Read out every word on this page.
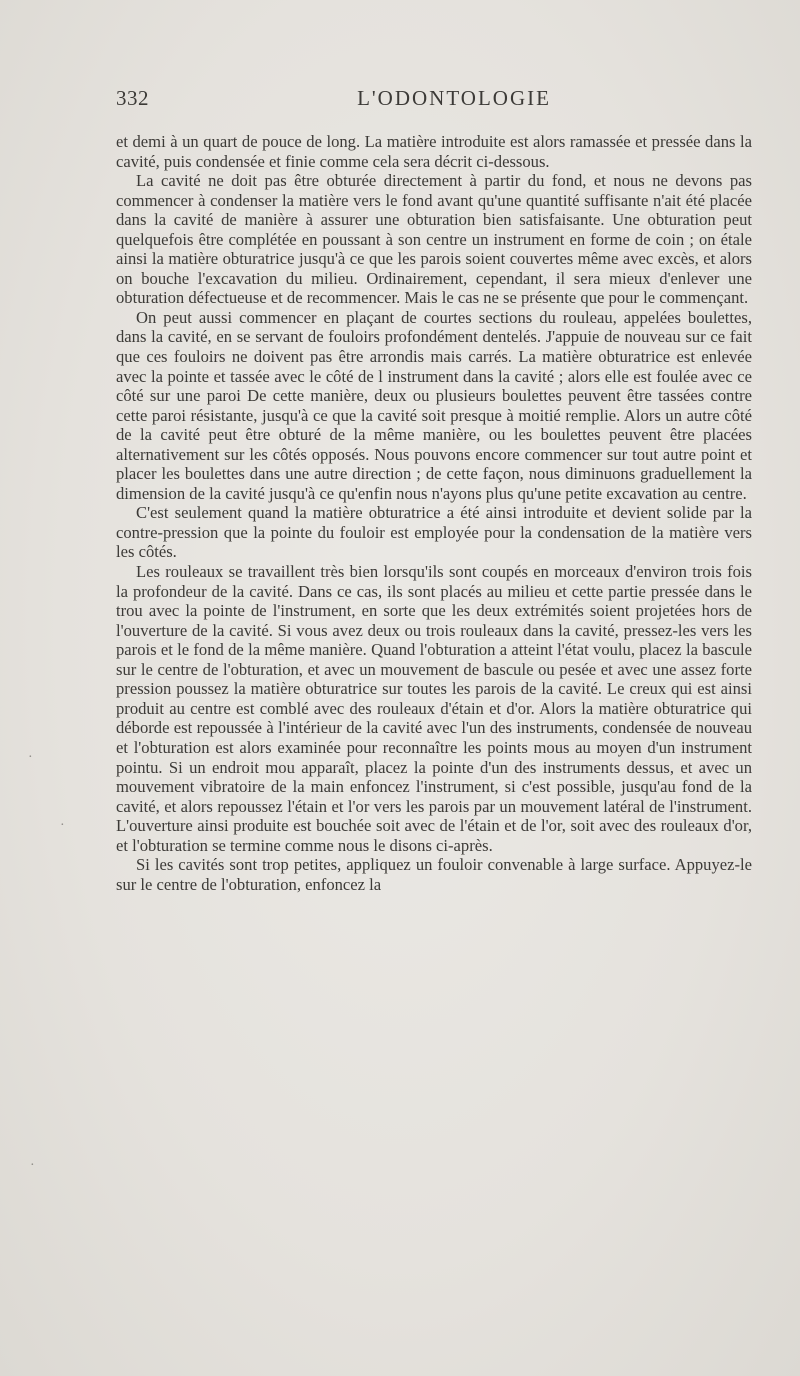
332	L'ODONTOLOGIE

et demi à un quart de pouce de long. La matière introduite est alors ramassée et pressée dans la cavité, puis condensée et finie comme cela sera décrit ci-dessous.

La cavité ne doit pas être obturée directement à partir du fond, et nous ne devons pas commencer à condenser la matière vers le fond avant qu'une quantité suffisante n'ait été placée dans la cavité de manière à assurer une obturation bien satisfaisante. Une obturation peut quelquefois être complétée en poussant à son centre un instrument en forme de coin ; on étale ainsi la matière obturatrice jusqu'à ce que les parois soient couvertes même avec excès, et alors on bouche l'excavation du milieu. Ordinairement, cependant, il sera mieux d'enlever une obturation défectueuse et de recommencer. Mais le cas ne se présente que pour le commençant.

On peut aussi commencer en plaçant de courtes sections du rouleau, appelées boulettes, dans la cavité, en se servant de fouloirs profondément dentelés. J'appuie de nouveau sur ce fait que ces fouloirs ne doivent pas être arrondis mais carrés. La matière obturatrice est enlevée avec la pointe et tassée avec le côté de l instrument dans la cavité ; alors elle est foulée avec ce côté sur une paroi De cette manière, deux ou plusieurs boulettes peuvent être tassées contre cette paroi résistante, jusqu'à ce que la cavité soit presque à moitié remplie. Alors un autre côté de la cavité peut être obturé de la même manière, ou les boulettes peuvent être placées alternativement sur les côtés opposés. Nous pouvons encore commencer sur tout autre point et placer les boulettes dans une autre direction ; de cette façon, nous diminuons graduellement la dimension de la cavité jusqu'à ce qu'enfin nous n'ayons plus qu'une petite excavation au centre.

C'est seulement quand la matière obturatrice a été ainsi introduite et devient solide par la contre-pression que la pointe du fouloir est employée pour la condensation de la matière vers les côtés.

Les rouleaux se travaillent très bien lorsqu'ils sont coupés en morceaux d'environ trois fois la profondeur de la cavité. Dans ce cas, ils sont placés au milieu et cette partie pressée dans le trou avec la pointe de l'instrument, en sorte que les deux extrémités soient projetées hors de l'ouverture de la cavité. Si vous avez deux ou trois rouleaux dans la cavité, pressez-les vers les parois et le fond de la même manière. Quand l'obturation a atteint l'état voulu, placez la bascule sur le centre de l'obturation, et avec un mouvement de bascule ou pesée et avec une assez forte pression poussez la matière obturatrice sur toutes les parois de la cavité. Le creux qui est ainsi produit au centre est comblé avec des rouleaux d'étain et d'or. Alors la matière obturatrice qui déborde est repoussée à l'intérieur de la cavité avec l'un des instruments, condensée de nouveau et l'obturation est alors examinée pour reconnaître les points mous au moyen d'un instrument pointu. Si un endroit mou apparaît, placez la pointe d'un des instruments dessus, et avec un mouvement vibratoire de la main enfoncez l'instrument, si c'est possible, jusqu'au fond de la cavité, et alors repoussez l'étain et l'or vers les parois par un mouvement latéral de l'instrument. L'ouverture ainsi produite est bouchée soit avec de l'étain et de l'or, soit avec des rouleaux d'or, et l'obturation se termine comme nous le disons ci-après.

Si les cavités sont trop petites, appliquez un fouloir convenable à large surface. Appuyez-le sur le centre de l'obturation, enfoncez la

·
·
·
